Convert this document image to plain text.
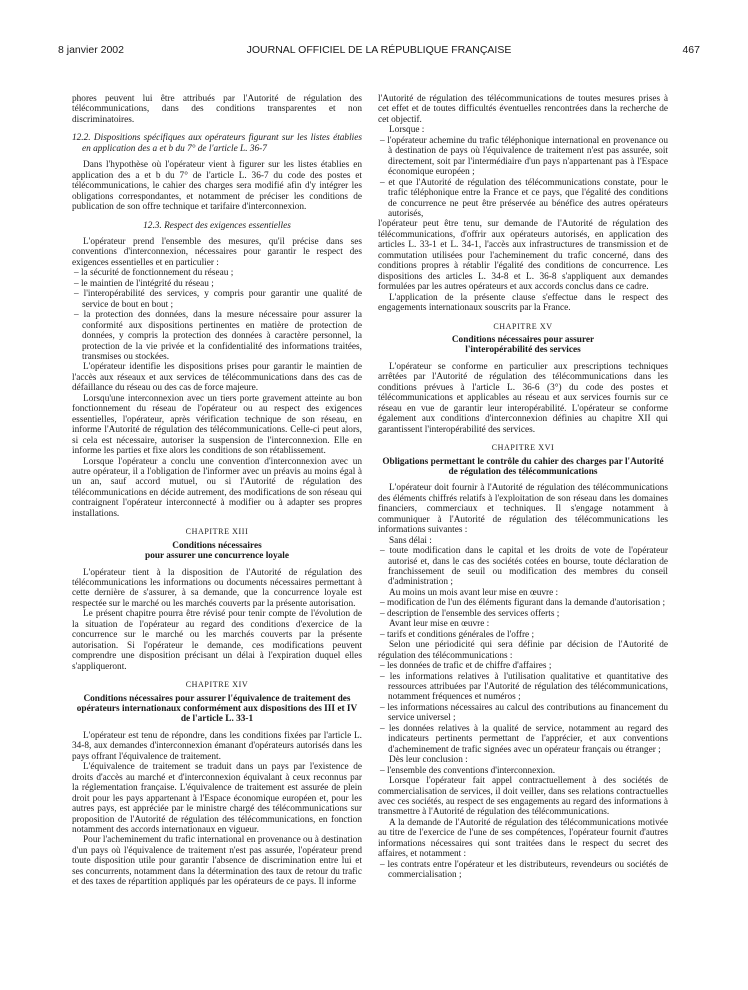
8 janvier 2002	JOURNAL OFFICIEL DE LA RÉPUBLIQUE FRANÇAISE	467

phores peuvent lui être attribués par l'Autorité de régulation des télécommunications, dans des conditions transparentes et non discriminatoires.

12.2. Dispositions spécifiques aux opérateurs figurant sur les listes établies en application des a et b du 7° de l'article L. 36-7

Dans l'hypothèse où l'opérateur vient à figurer sur les listes établies en application des a et b du 7° de l'article L. 36-7 du code des postes et télécommunications, le cahier des charges sera modifié afin d'y intégrer les obligations correspondantes, et notamment de préciser les conditions de publication de son offre technique et tarifaire d'interconnexion.

12.3. Respect des exigences essentielles

L'opérateur prend l'ensemble des mesures, qu'il précise dans ses conventions d'interconnexion, nécessaires pour garantir le respect des exigences essentielles et en particulier :

– la sécurité de fonctionnement du réseau ;

– le maintien de l'intégrité du réseau ;

– l'interopérabilité des services, y compris pour garantir une qualité de service de bout en bout ;

– la protection des données, dans la mesure nécessaire pour assurer la conformité aux dispositions pertinentes en matière de protection de données, y compris la protection des données à caractère personnel, la protection de la vie privée et la confidentialité des informations traitées, transmises ou stockées.

L'opérateur identifie les dispositions prises pour garantir le maintien de l'accès aux réseaux et aux services de télécommunications dans des cas de défaillance du réseau ou des cas de force majeure.

Lorsqu'une interconnexion avec un tiers porte gravement atteinte au bon fonctionnement du réseau de l'opérateur ou au respect des exigences essentielles, l'opérateur, après vérification technique de son réseau, en informe l'Autorité de régulation des télécommunications. Celle-ci peut alors, si cela est nécessaire, autoriser la suspension de l'interconnexion. Elle en informe les parties et fixe alors les conditions de son rétablissement.

Lorsque l'opérateur a conclu une convention d'interconnexion avec un autre opérateur, il a l'obligation de l'informer avec un préavis au moins égal à un an, sauf accord mutuel, ou si l'Autorité de régulation des télécommunications en décide autrement, des modifications de son réseau qui contraignent l'opérateur interconnecté à modifier ou à adapter ses propres installations.

CHAPITRE XIII

Conditions nécessaires
pour assurer une concurrence loyale

L'opérateur tient à la disposition de l'Autorité de régulation des télécommunications les informations ou documents nécessaires permettant à cette dernière de s'assurer, à sa demande, que la concurrence loyale est respectée sur le marché ou les marchés couverts par la présente autorisation.

Le présent chapitre pourra être révisé pour tenir compte de l'évolution de la situation de l'opérateur au regard des conditions d'exercice de la concurrence sur le marché ou les marchés couverts par la présente autorisation. Si l'opérateur le demande, ces modifications peuvent comprendre une disposition précisant un délai à l'expiration duquel elles s'appliqueront.

CHAPITRE XIV

Conditions nécessaires pour assurer l'équivalence de traitement des opérateurs internationaux conformément aux dispositions des III et IV de l'article L. 33-1

L'opérateur est tenu de répondre, dans les conditions fixées par l'article L. 34-8, aux demandes d'interconnexion émanant d'opérateurs autorisés dans les pays offrant l'équivalence de traitement.

L'équivalence de traitement se traduit dans un pays par l'existence de droits d'accès au marché et d'interconnexion équivalant à ceux reconnus par la réglementation française. L'équivalence de traitement est assurée de plein droit pour les pays appartenant à l'Espace économique européen et, pour les autres pays, est appréciée par le ministre chargé des télécommunications sur proposition de l'Autorité de régulation des télécommunications, en fonction notamment des accords internationaux en vigueur.

Pour l'acheminement du trafic international en provenance ou à destination d'un pays où l'équivalence de traitement n'est pas assurée, l'opérateur prend toute disposition utile pour garantir l'absence de discrimination entre lui et ses concurrents, notamment dans la détermination des taux de retour du trafic et des taxes de répartition appliqués par les opérateurs de ce pays. Il informe

l'Autorité de régulation des télécommunications de toutes mesures prises à cet effet et de toutes difficultés éventuelles rencontrées dans la recherche de cet objectif.

Lorsque :

– l'opérateur achemine du trafic téléphonique international en provenance ou à destination de pays où l'équivalence de traitement n'est pas assurée, soit directement, soit par l'intermédiaire d'un pays n'appartenant pas à l'Espace économique européen ;

– et que l'Autorité de régulation des télécommunications constate, pour le trafic téléphonique entre la France et ce pays, que l'égalité des conditions de concurrence ne peut être préservée au bénéfice des autres opérateurs autorisés,

l'opérateur peut être tenu, sur demande de l'Autorité de régulation des télécommunications, d'offrir aux opérateurs autorisés, en application des articles L. 33-1 et L. 34-1, l'accès aux infrastructures de transmission et de commutation utilisées pour l'acheminement du trafic concerné, dans des conditions propres à rétablir l'égalité des conditions de concurrence. Les dispositions des articles L. 34-8 et L. 36-8 s'appliquent aux demandes formulées par les autres opérateurs et aux accords conclus dans ce cadre.

L'application de la présente clause s'effectue dans le respect des engagements internationaux souscrits par la France.

CHAPITRE XV

Conditions nécessaires pour assurer
l'interopérabilité des services

L'opérateur se conforme en particulier aux prescriptions techniques arrêtées par l'Autorité de régulation des télécommunications dans les conditions prévues à l'article L. 36-6 (3°) du code des postes et télécommunications et applicables au réseau et aux services fournis sur ce réseau en vue de garantir leur interopérabilité. L'opérateur se conforme également aux conditions d'interconnexion définies au chapitre XII qui garantissent l'interopérabilité des services.

CHAPITRE XVI

Obligations permettant le contrôle du cahier des charges par l'Autorité de régulation des télécommunications

L'opérateur doit fournir à l'Autorité de régulation des télécommunications des éléments chiffrés relatifs à l'exploitation de son réseau dans les domaines financiers, commerciaux et techniques. Il s'engage notamment à communiquer à l'Autorité de régulation des télécommunications les informations suivantes :

Sans délai :

– toute modification dans le capital et les droits de vote de l'opérateur autorisé et, dans le cas des sociétés cotées en bourse, toute déclaration de franchissement de seuil ou modification des membres du conseil d'administration ;

Au moins un mois avant leur mise en œuvre :

– modification de l'un des éléments figurant dans la demande d'autorisation ;

– description de l'ensemble des services offerts ;

Avant leur mise en œuvre :

– tarifs et conditions générales de l'offre ;

Selon une périodicité qui sera définie par décision de l'Autorité de régulation des télécommunications :

– les données de trafic et de chiffre d'affaires ;

– les informations relatives à l'utilisation qualitative et quantitative des ressources attribuées par l'Autorité de régulation des télécommunications, notamment fréquences et numéros ;

– les informations nécessaires au calcul des contributions au financement du service universel ;

– les données relatives à la qualité de service, notamment au regard des indicateurs pertinents permettant de l'apprécier, et aux conventions d'acheminement de trafic signées avec un opérateur français ou étranger ;

Dès leur conclusion :

– l'ensemble des conventions d'interconnexion.

Lorsque l'opérateur fait appel contractuellement à des sociétés de commercialisation de services, il doit veiller, dans ses relations contractuelles avec ces sociétés, au respect de ses engagements au regard des informations à transmettre à l'Autorité de régulation des télécommunications.

A la demande de l'Autorité de régulation des télécommunications motivée au titre de l'exercice de l'une de ses compétences, l'opérateur fournit d'autres informations nécessaires qui sont traitées dans le respect du secret des affaires, et notamment :

– les contrats entre l'opérateur et les distributeurs, revendeurs ou sociétés de commercialisation ;
